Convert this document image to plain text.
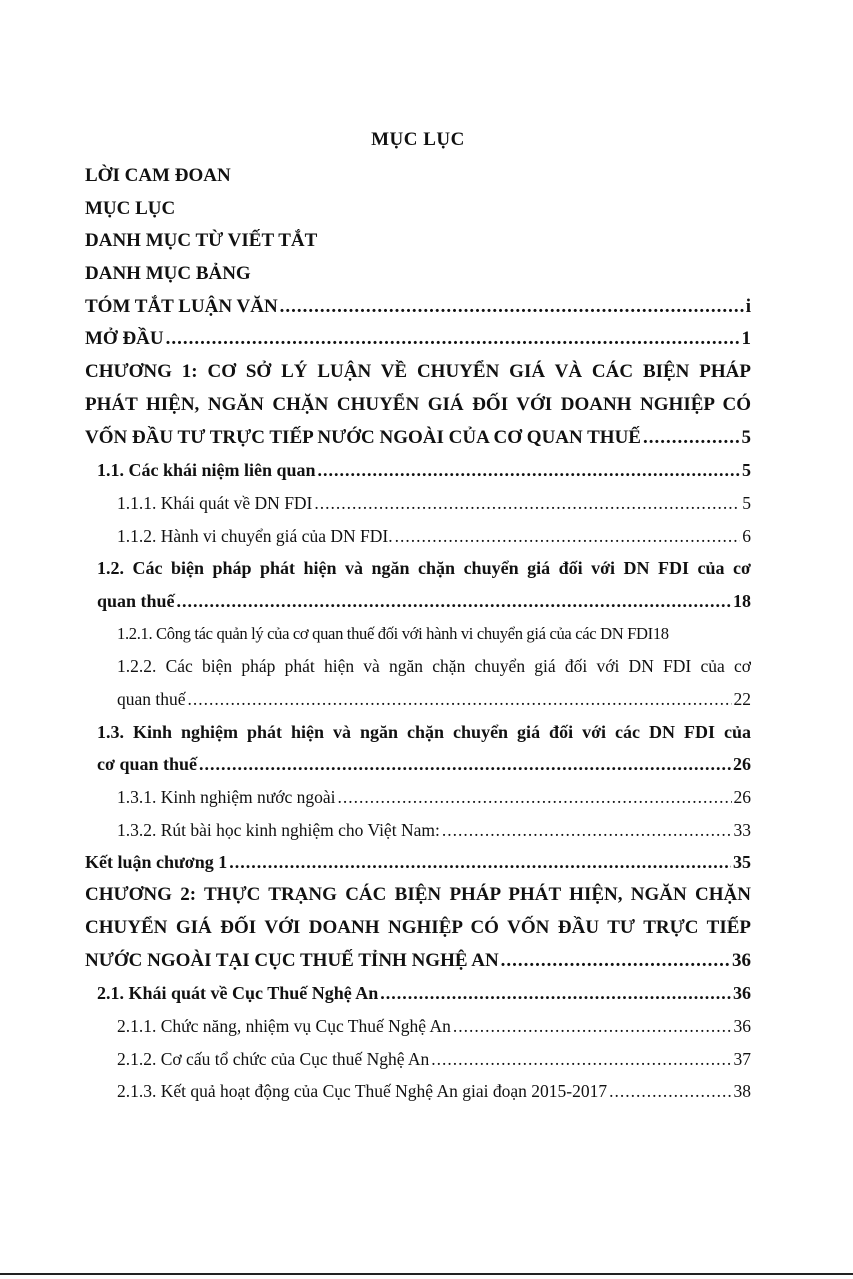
MỤC LỤC
LỜI CAM ĐOAN
MỤC LỤC
DANH MỤC TỪ VIẾT TẮT
DANH MỤC BẢNG
TÓM TẮT LUẬN VĂN .....	i
MỞ ĐẦU .....	1
CHƯƠNG 1: CƠ SỞ LÝ LUẬN VỀ CHUYỂN GIÁ VÀ CÁC BIỆN PHÁP
PHÁT HIỆN, NGĂN CHẶN CHUYỂN GIÁ ĐỐI VỚI DOANH NGHIỆP CÓ
VỐN ĐẦU TƯ TRỰC TIẾP NƯỚC NGOÀI CỦA CƠ QUAN THUẾ .....	5
1.1. Các khái niệm liên quan .....	5
1.1.1. Khái quát về DN FDI .....	5
1.1.2. Hành vi chuyển giá của DN FDI. .....	6
1.2. Các biện pháp phát hiện và ngăn chặn chuyển giá đối với DN FDI của cơ
quan thuế .....	18
1.2.1. Công tác quản lý của cơ quan thuế đối với hành vi chuyển giá của các DN FDI18
1.2.2. Các biện pháp phát hiện và ngăn chặn chuyển giá đối với DN FDI của cơ
quan thuế .....	22
1.3. Kinh nghiệm phát hiện và ngăn chặn chuyển giá đối với các DN FDI của
cơ quan thuế .....	26
1.3.1. Kinh nghiệm nước ngoài .....	26
1.3.2. Rút bài học kinh nghiệm cho Việt Nam: .....	33
Kết luận chương 1 .....	35
CHƯƠNG 2: THỰC TRẠNG CÁC BIỆN PHÁP PHÁT HIỆN, NGĂN CHẶN
CHUYỂN GIÁ ĐỐI VỚI DOANH NGHIỆP CÓ VỐN ĐẦU TƯ TRỰC TIẾP
NƯỚC NGOÀI TẠI CỤC THUẾ TỈNH NGHỆ AN .....	36
2.1. Khái quát về Cục Thuế Nghệ An .....	36
2.1.1. Chức năng, nhiệm vụ Cục Thuế Nghệ An .....	36
2.1.2. Cơ cấu tổ chức của Cục thuế Nghệ An .....	37
2.1.3. Kết quả hoạt động của Cục Thuế Nghệ An giai đoạn 2015-2017 .....	38
